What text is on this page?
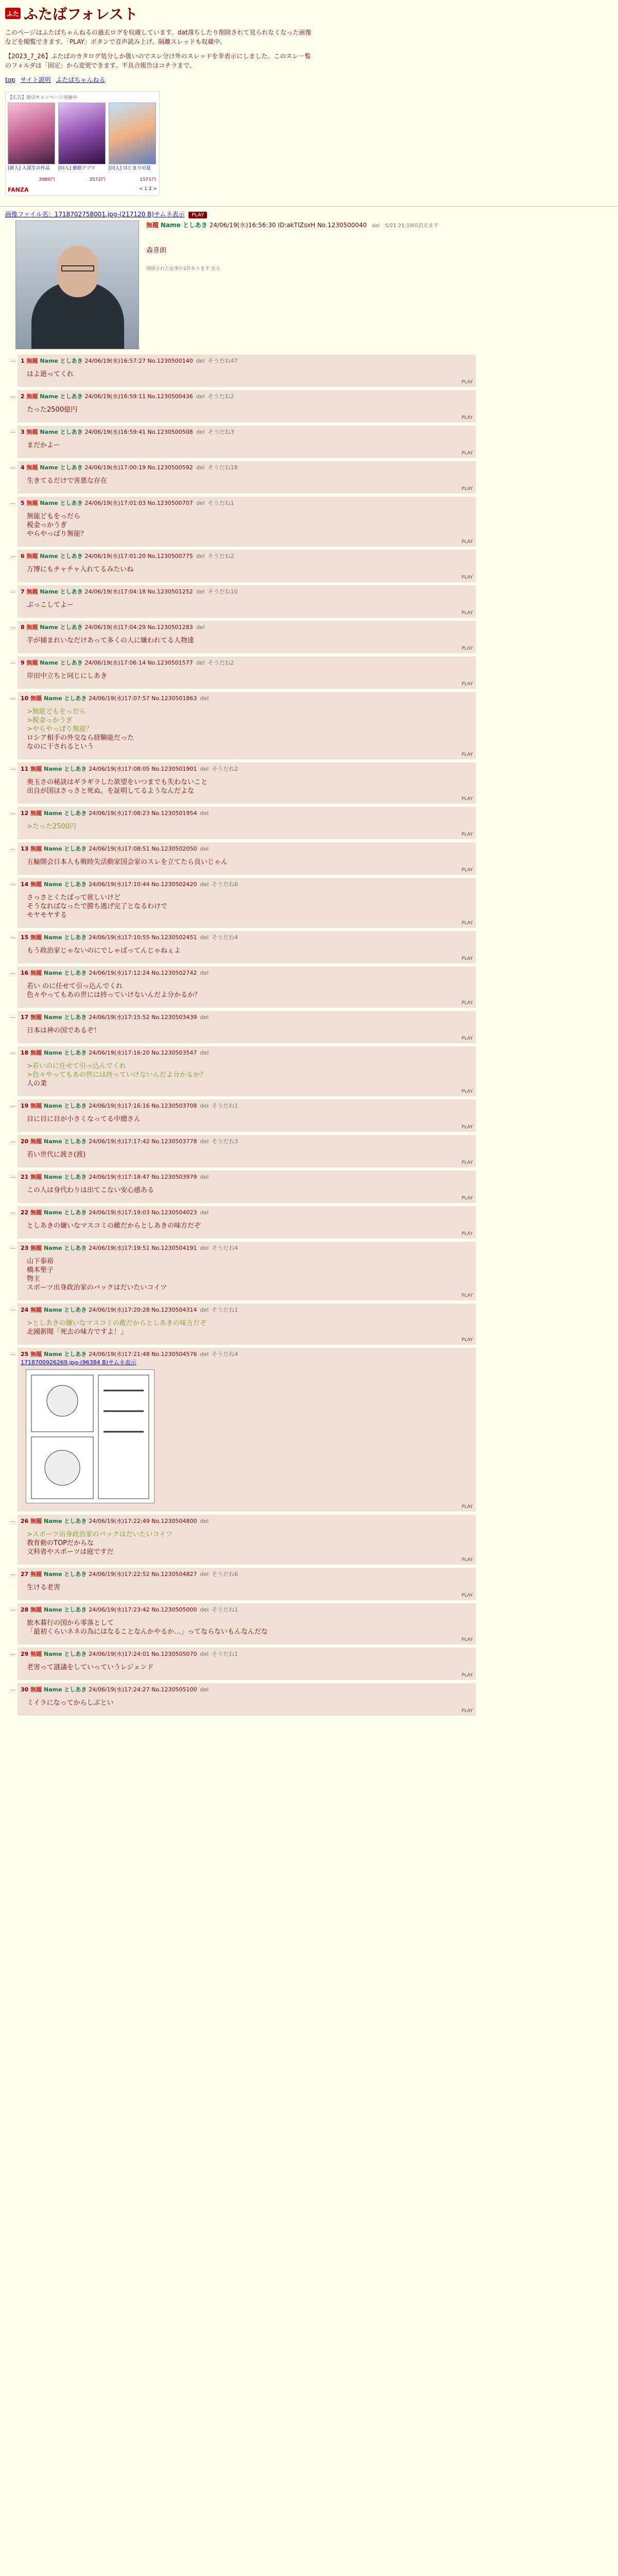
ふた ふたばフォレスト

このページはふたばちゃんねるの過去ログを収蔵しています。dat落ちしたり削除されて見られなくなった画像などを閲覧できます。「PLAY」ボタンで音声読み上げ。隔離スレッドも収蔵中。

【2023_7_26】ふたばのカタログ処分しか扱いのでスレ分け外のスレッドを非表示にしました。このスレ一覧のフォルダは「固定」から変更できます。不具合報告はコチラまで。

top サイト説明 ふたばちゃんねる
【広告】割引キャンペーン実施中
[新人] 入部生の作品
3980円
[同人] 催眠アプリ
3572円
[同人] はじまりの夏
1571円
FANZA	< 1 2 >
画像ファイル名：1718702758001.jpg-(217120 B)サムネ表示 PLAY
無題 Name としあき 24/06/19(水)16:56:30 ID:akTIZsxH No.1230500040 del 5/21 21:19頃消えます
森喜朗
削除された記事が1件あります.見る
… 1 無題 Name としあき 24/06/19(水)16:57:27 No.1230500140 del そうだね47
はよ逝ってくれ
PLAY
… 2 無題 Name としあき 24/06/19(水)16:59:11 No.1230500436 del そうだね2
たった2500億円
PLAY
… 3 無題 Name としあき 24/06/19(水)16:59:41 No.1230500508 del そうだね3
まだかよー
PLAY
… 4 無題 Name としあき 24/06/19(水)17:00:19 No.1230500592 del そうだね18
生きてるだけで害悪な存在
PLAY
… 5 無題 Name としあき 24/06/19(水)17:01:03 No.1230500707 del そうだね1
無能どもをっだら
税金っかうぎ
やらやっぱり無能？
PLAY
… 6 無題 Name としあき 24/06/19(水)17:01:20 No.1230500775 del そうだね2
万博にもチャチャ入れてるみたいね
PLAY
… 7 無題 Name としあき 24/06/19(水)17:04:18 No.1230501252 del そうだね10
ぶっこしてよー
PLAY
… 8 無題 Name としあき 24/06/19(水)17:04:29 No.1230501283 del
芋が捕まれいなだけあって多くの人に嫌われてる人物達
PLAY
… 9 無題 Name としあき 24/06/19(水)17:06:14 No.1230501577 del そうだね2
岸田中立ちと同じにしあき
PLAY
… 10 無題 Name としあき 24/06/19(水)17:07:57 No.1230501863 del
>無能どもをっだら
>税金っかうぎ
>やらやっぱり無能？
ロシア相手の外交なら経験能だった
なのに干されるという
PLAY
… 11 無題 Name としあき 24/06/19(水)17:08:05 No.1230501901 del そうだね2
奥玉さの秘訣はギラギラした欲望をいつまでも失わないこと
出自が国はさっさと死ぬ。を証明してるようなんだよな
PLAY
… 12 無題 Name としあき 24/06/19(水)17:08:23 No.1230501954 del
>たった2500円
PLAY
… 13 無題 Name としあき 24/06/19(水)17:08:51 No.1230502050 del
五輪開会日本人も戦時失活動家国会家のスレを立てたら良いじゃん
PLAY
… 14 無題 Name としあき 24/06/19(水)17:10:44 No.1230502420 del そうだね6
さっさとくたばって欲しいけど
そうなればなったで勝ち逃げ完了となるわけで
モヤモヤする
PLAY
… 15 無題 Name としあき 24/06/19(水)17:10:55 No.1230502451 del そうだね4
もう政治家じゃないのにでしゃばってんじゃねぇよ
PLAY
… 16 無題 Name としあき 24/06/19(水)17:12:24 No.1230502742 del
若い のに任せて引っ込んでくれ
色々やってもあの世には持っていけないんだよ分かるか？
PLAY
… 17 無題 Name としあき 24/06/19(水)17:15:52 No.1230503439 del
日本は神の国であるぞ！
PLAY
… 18 無題 Name としあき 24/06/19(水)17:16:20 No.1230503547 del
>若いのに任せて引っ込んでくれ
>色々やってもあの世には持っていけないんだよ分かるか？
人の業
PLAY
… 19 無題 Name としあき 24/06/19(水)17:16:16 No.1230503708 del そうだね1
目に目に目が小さくなってる中總さん
PLAY
… 20 無題 Name としあき 24/06/19(水)17:17:42 No.1230503778 del そうだね3
若い世代に渡さ(渡)
PLAY
… 21 無題 Name としあき 24/06/19(水)17:18:47 No.1230503979 del
この人は身代わりは出てこない安心感ある
PLAY
… 22 無題 Name としあき 24/06/19(水)17:19:03 No.1230504023 del
としあきの嫌いなマスコミの敵だからとしあきの味方だぞ
PLAY
… 23 無題 Name としあき 24/06/19(水)17:19:51 No.1230504191 del そうだね4
山下泰裕
橋本聖子
物主
スポーツ出身政治家のバックはだいたいコイツ
PLAY
… 24 無題 Name としあき 24/06/19(水)17:20:28 No.1230504314 del そうだね1
>としあきの嫌いなマスコミの敵だからとしあきの味方だぞ
北國新聞「死去の味方ですよ！」
PLAY
… 25 無題 Name としあき 24/06/19(水)17:21:48 No.1230504576 del そうだね4
1718700926269.jpg-(96384 B)サムネ表示
PLAY
… 26 無題 Name としあき 24/06/19(水)17:22:49 No.1230504800 del
>スポーツ出身政治家のバックはだいたいコイツ
教育勅のTOPだからな
文科省やスポーツは庭ですだ
PLAY
… 27 無題 Name としあき 24/06/19(水)17:22:52 No.1230504827 del そうだね6
生ける老害
PLAY
… 28 無題 Name としあき 24/06/19(水)17:23:42 No.1230505000 del そうだね1
旅木暮行の国から零落として
「最初くらいネネの為にはなることなんかやるか…」ってならないもんなんだな
PLAY
… 29 無題 Name としあき 24/06/19(水)17:24:01 No.1230505070 del そうだね1
老害って謎議をしていっていうレジェンド
PLAY
… 30 無題 Name としあき 24/06/19(水)17:24:27 No.1230505100 del
ミイラになってからしぶとい
PLAY
